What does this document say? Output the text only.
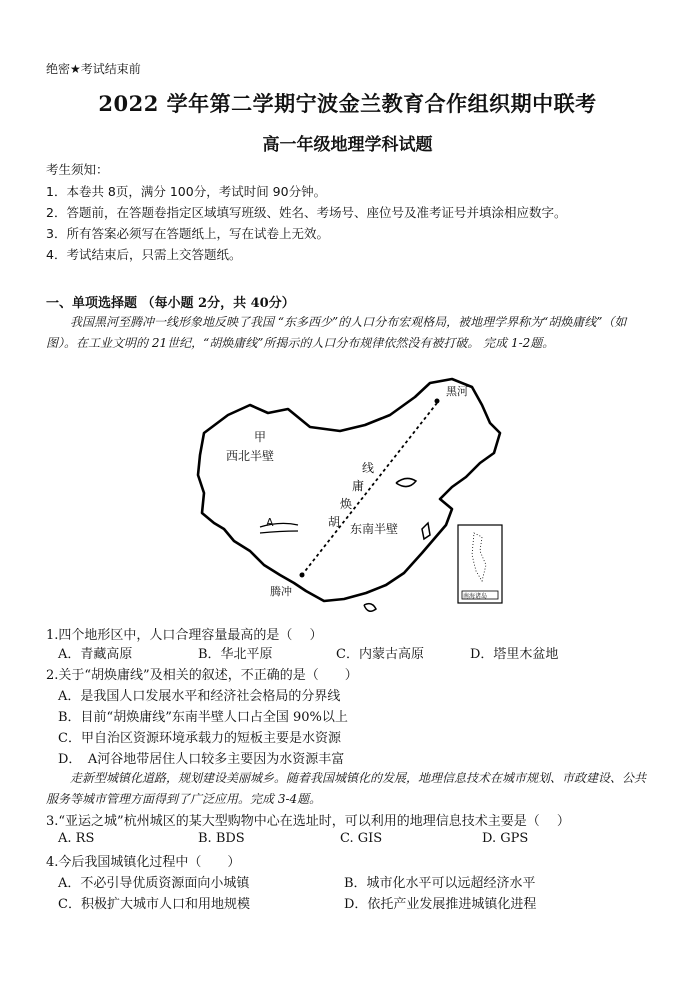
绝密★考试结束前
2022 学年第二学期宁波金兰教育合作组织期中联考
高一年级地理学科试题
考生须知：
1．本卷共 8页，满分 100分，考试时间 90分钟。
2．答题前，在答题卷指定区域填写班级、姓名、考场号、座位号及准考证号并填涂相应数字。
3．所有答案必须写在答题纸上，写在试卷上无效。
4．考试结束后，只需上交答题纸。
一、单项选择题 （每小题 2分，共 40分）
我国黑河至腾冲一线形象地反映了我国 “东多西少”的人口分布宏观格局，被地理学界称为“胡焕庸线”（如图）。在工业文明的 21世纪，“胡焕庸线”所揭示的人口分布规律依然没有被打破。 完成 1-2题。
黑河
腾冲
甲
A
西北半壁
东南半壁
线
庸
焕
胡
南海诸岛
1.四个地形区中，人口合理容量最高的是（　 ）
A．青藏高原	B．华北平原	C．内蒙古高原	D．塔里木盆地
2.关于“胡焕庸线”及相关的叙述，不正确的是（　　）
A．是我国人口发展水平和经济社会格局的分界线
B．目前“胡焕庸线”东南半壁人口占全国 90%以上
C．甲自治区资源环境承载力的短板主要是水资源
D．　A河谷地带居住人口较多主要因为水资源丰富
走新型城镇化道路，规划建设美丽城乡。随着我国城镇化的发展，地理信息技术在城市规划、市政建设、公共服务等城市管理方面得到了广泛应用。完成 3-4题。
3.“亚运之城”杭州城区的某大型购物中心在选址时，可以利用的地理信息技术主要是（　 ）
A. RS	B. BDS	C. GIS	D. GPS
4.今后我国城镇化过程中（　　）
A．不必引导优质资源面向小城镇	B．城市化水平可以远超经济水平
C．积极扩大城市人口和用地规模	D．依托产业发展推进城镇化进程
